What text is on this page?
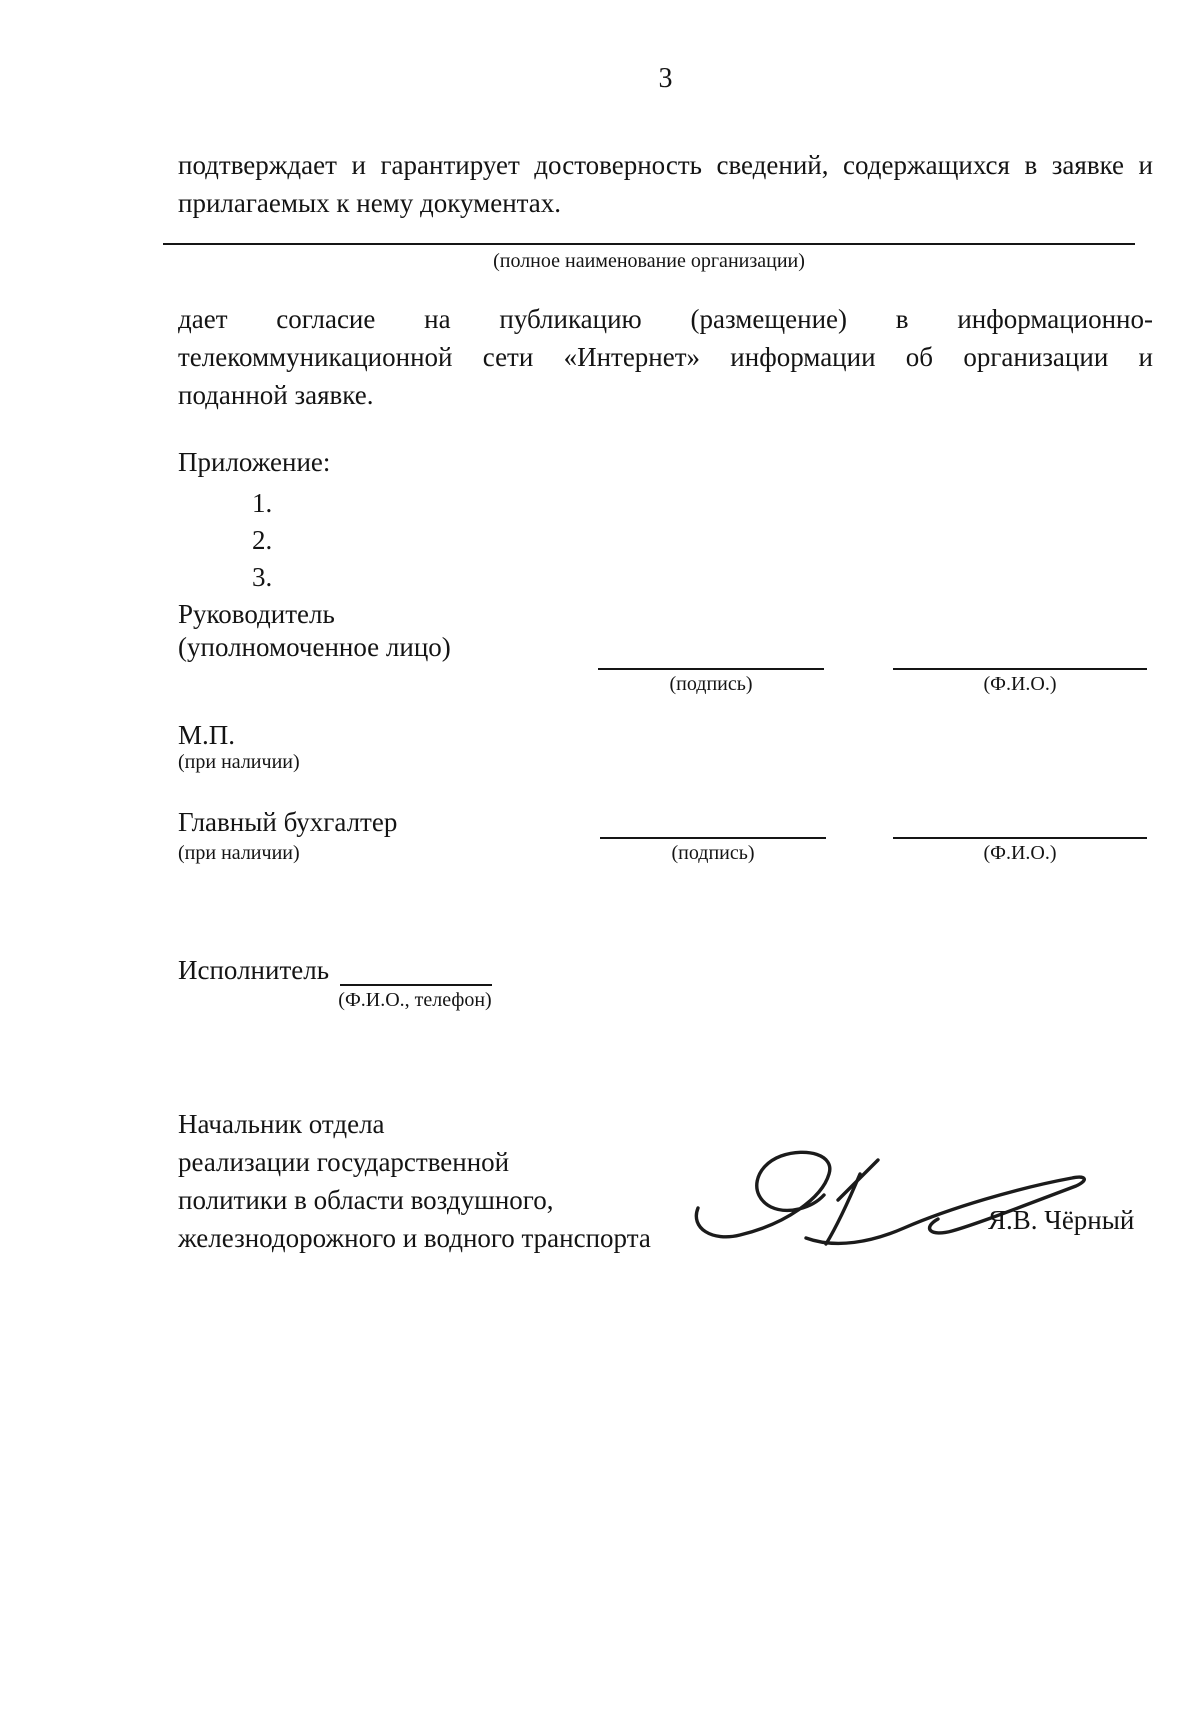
3
подтверждает и гарантирует достоверность сведений, содержащихся в заявке и
прилагаемых к нему документах.
(полное наименование организации)
дает согласие на публикацию (размещение) в информационно-
телекоммуникационной сети «Интернет» информации об организации и
поданной заявке.
Приложение:
1.
2.
3.
Руководитель
(уполномоченное лицо)
(подпись)	(Ф.И.О.)
М.П.
(при наличии)
Главный бухгалтер
(при наличии)	(подпись)	(Ф.И.О.)
Исполнитель
(Ф.И.О., телефон)
Начальник отдела
реализации государственной
политики в области воздушного,
железнодорожного и водного транспорта
Я.В. Чёрный
